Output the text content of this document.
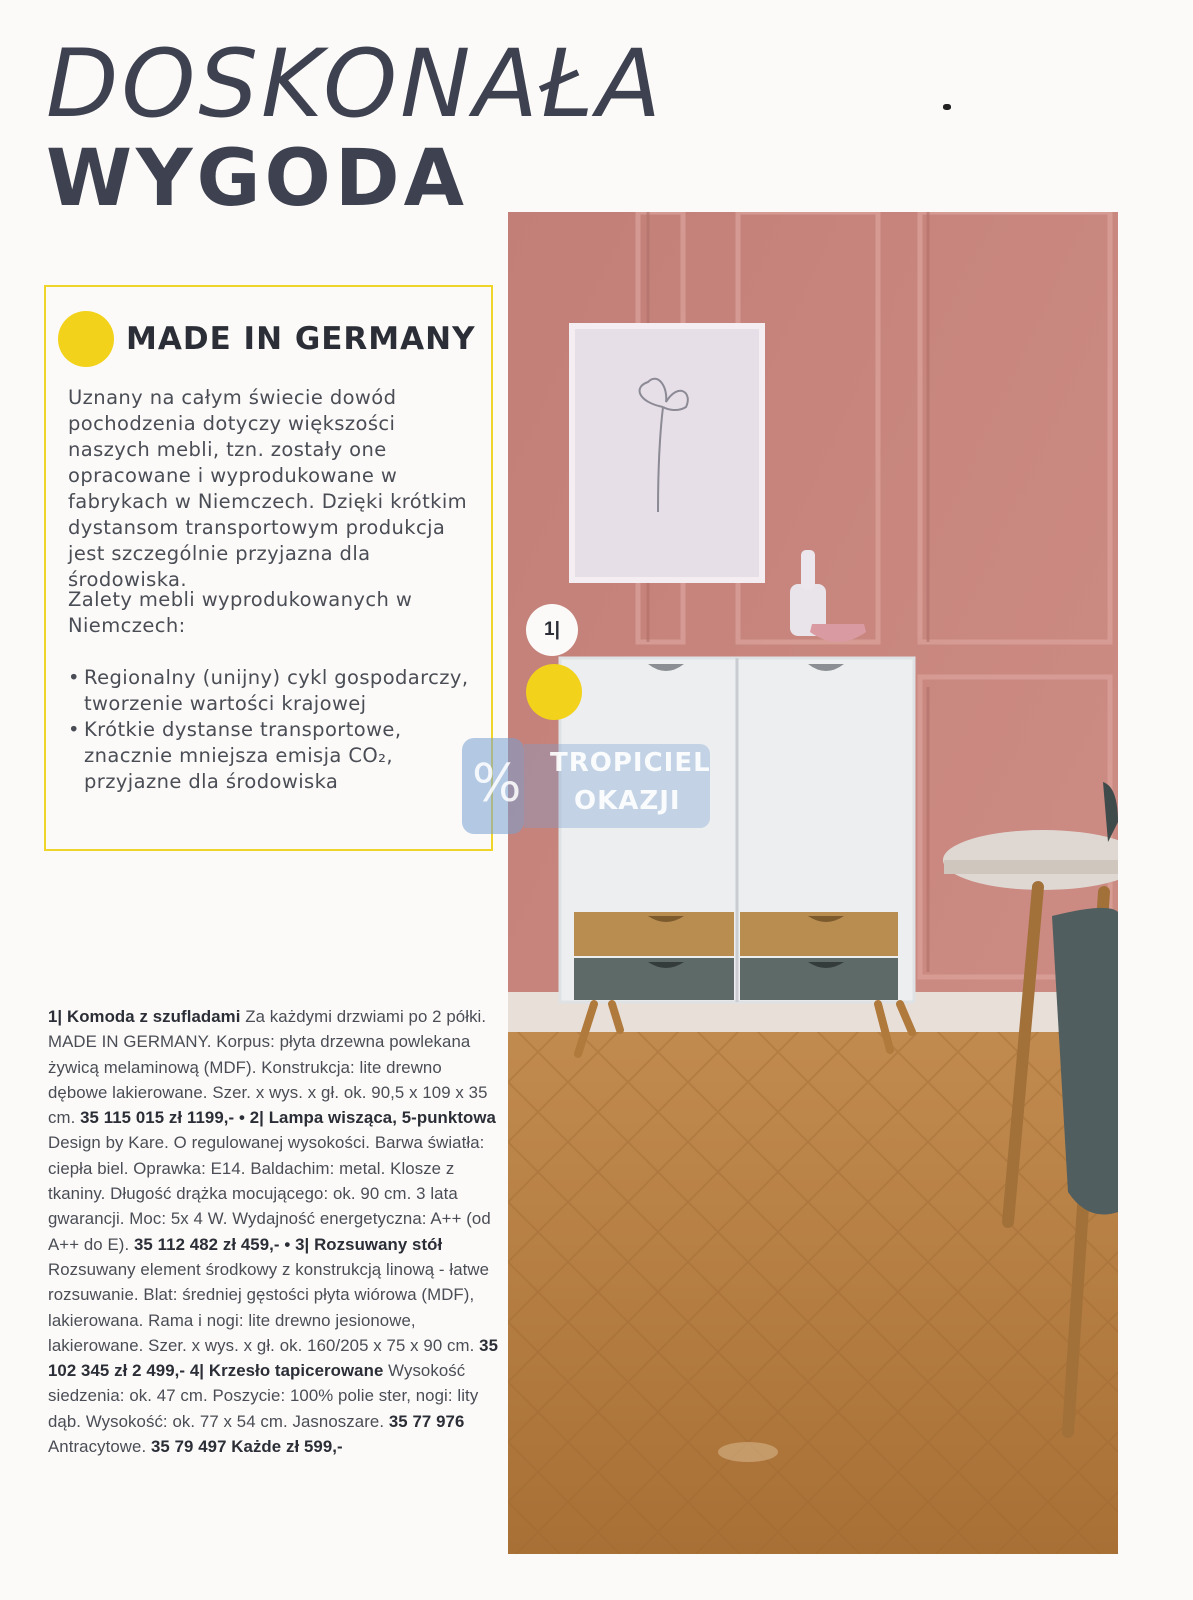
DOSKONAŁA
WYGODA
MADE IN GERMANY

Uznany na całym świecie dowód pochodzenia dotyczy większości naszych mebli, tzn. zostały one opracowane i wyprodukowane w fabrykach w Niemczech. Dzięki krótkim dystansom transportowym produkcja jest szczególnie przyjazna dla środowiska.

Zalety mebli wyprodukowanych w Niemczech:

• Regionalny (unijny) cykl gospodarczy, tworzenie wartości krajowej
• Krótkie dystanse transportowe, znacznie mniejsza emisja CO₂, przyjazne dla środowiska
1| Komoda z szufladami Za każdymi drzwiami po 2 półki. MADE IN GERMANY. Korpus: płyta drzewna powlekana żywicą melaminową (MDF). Konstrukcja: lite drewno dębowe lakierowane. Szer. x wys. x gł. ok. 90,5 x 109 x 35 cm. 35 115 015 zł 1199,- • 2| Lampa wisząca, 5-punktowa Design by Kare. O regulowanej wysokości. Barwa światła: ciepła biel. Oprawka: E14. Baldachim: metal. Klosze z tkaniny. Długość drążka mocującego: ok. 90 cm. 3 lata gwarancji. Moc: 5x 4 W. Wydajność energetyczna: A++ (od A++ do E). 35 112 482 zł 459,- • 3| Rozsuwany stół Rozsuwany element środkowy z konstrukcją linową - łatwe rozsuwanie. Blat: średniej gęstości płyta wiórowa (MDF), lakierowana. Rama i nogi: lite drewno jesionowe, lakierowane. Szer. x wys. x gł. ok. 160/205 x 75 x 90 cm. 35 102 345 zł 2 499,- 4| Krzesło tapicerowane Wysokość siedzenia: ok. 47 cm. Poszycie: 100% polie ster, nogi: lity dąb. Wysokość: ok. 77 x 54 cm. Jasnoszare. 35 77 976 Antracytowe. 35 79 497 Każde zł 599,-
1|
% TROPICIEL
OKAZJI
